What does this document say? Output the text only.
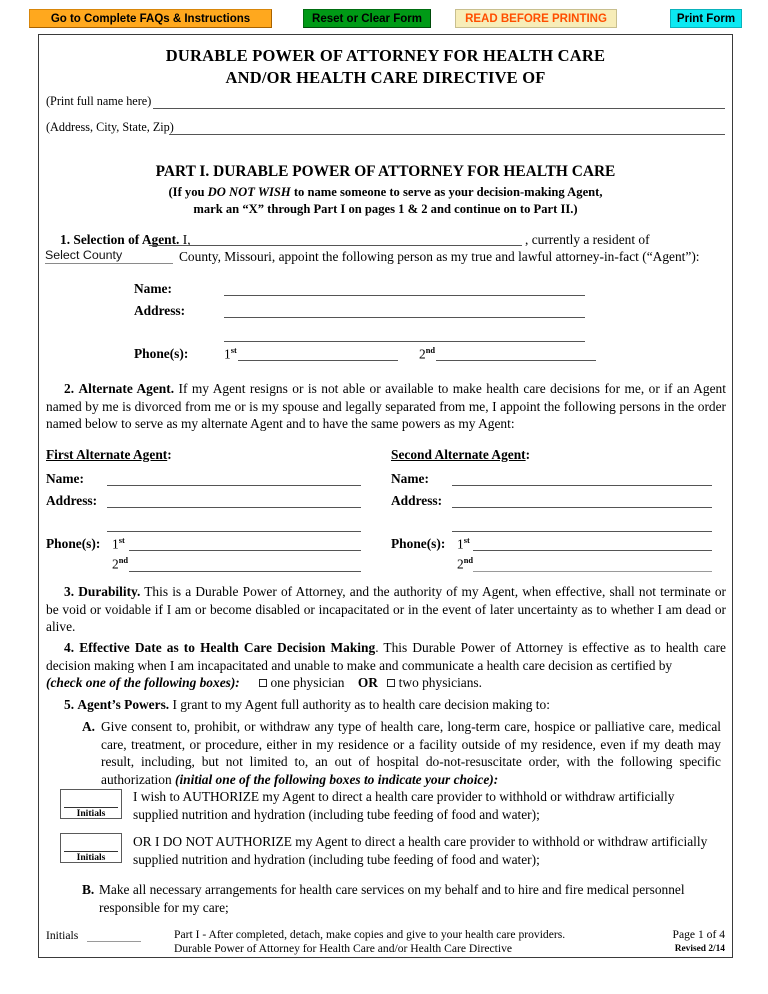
Go to Complete FAQs & Instructions	Reset or Clear Form	READ BEFORE PRINTING	Print Form
DURABLE POWER OF ATTORNEY FOR HEALTH CARE
AND/OR HEALTH CARE DIRECTIVE OF
(Print full name here)
(Address, City, State, Zip)
PART I. DURABLE POWER OF ATTORNEY FOR HEALTH CARE
(If you DO NOT WISH to name someone to serve as your decision-making Agent,
mark an “X” through Part I on pages 1 & 2 and continue on to Part II.)
1. Selection of Agent. I,	, currently a resident of
Select County	County, Missouri, appoint the following person as my true and lawful attorney-in-fact (“Agent”):
Name:
Address:
Phone(s):	1st	2nd
2. Alternate Agent. If my Agent resigns or is not able or available to make health care decisions for me, or if an Agent named by me is divorced from me or is my spouse and legally separated from me, I appoint the following persons in the order named below to serve as my alternate Agent and to have the same powers as my Agent:
First Alternate Agent:	Second Alternate Agent:
Name:
Address:
Phone(s): 1st
2nd
Name:
Address:
Phone(s): 1st
2nd
3. Durability. This is a Durable Power of Attorney, and the authority of my Agent, when effective, shall not terminate or be void or voidable if I am or become disabled or incapacitated or in the event of later uncertainty as to whether I am dead or alive.
4. Effective Date as to Health Care Decision Making. This Durable Power of Attorney is effective as to health care decision making when I am incapacitated and unable to make and communicate a health care decision as certified by
(check one of the following boxes): one physician OR two physicians.
5. Agent’s Powers. I grant to my Agent full authority as to health care decision making to:
A. Give consent to, prohibit, or withdraw any type of health care, long-term care, hospice or palliative care, medical care, treatment, or procedure, either in my residence or a facility outside of my residence, even if my death may result, including, but not limited to, an out of hospital do-not-resuscitate order, with the following specific authorization (initial one of the following boxes to indicate your choice):
Initials
I wish to AUTHORIZE my Agent to direct a health care provider to withhold or withdraw artificially supplied nutrition and hydration (including tube feeding of food and water);
Initials
OR I DO NOT AUTHORIZE my Agent to direct a health care provider to withhold or withdraw artificially supplied nutrition and hydration (including tube feeding of food and water);
B. Make all necessary arrangements for health care services on my behalf and to hire and fire medical personnel responsible for my care;
Initials	Part I - After completed, detach, make copies and give to your health care providers.
Durable Power of Attorney for Health Care and/or Health Care Directive
Page 1 of 4
Revised 2/14
